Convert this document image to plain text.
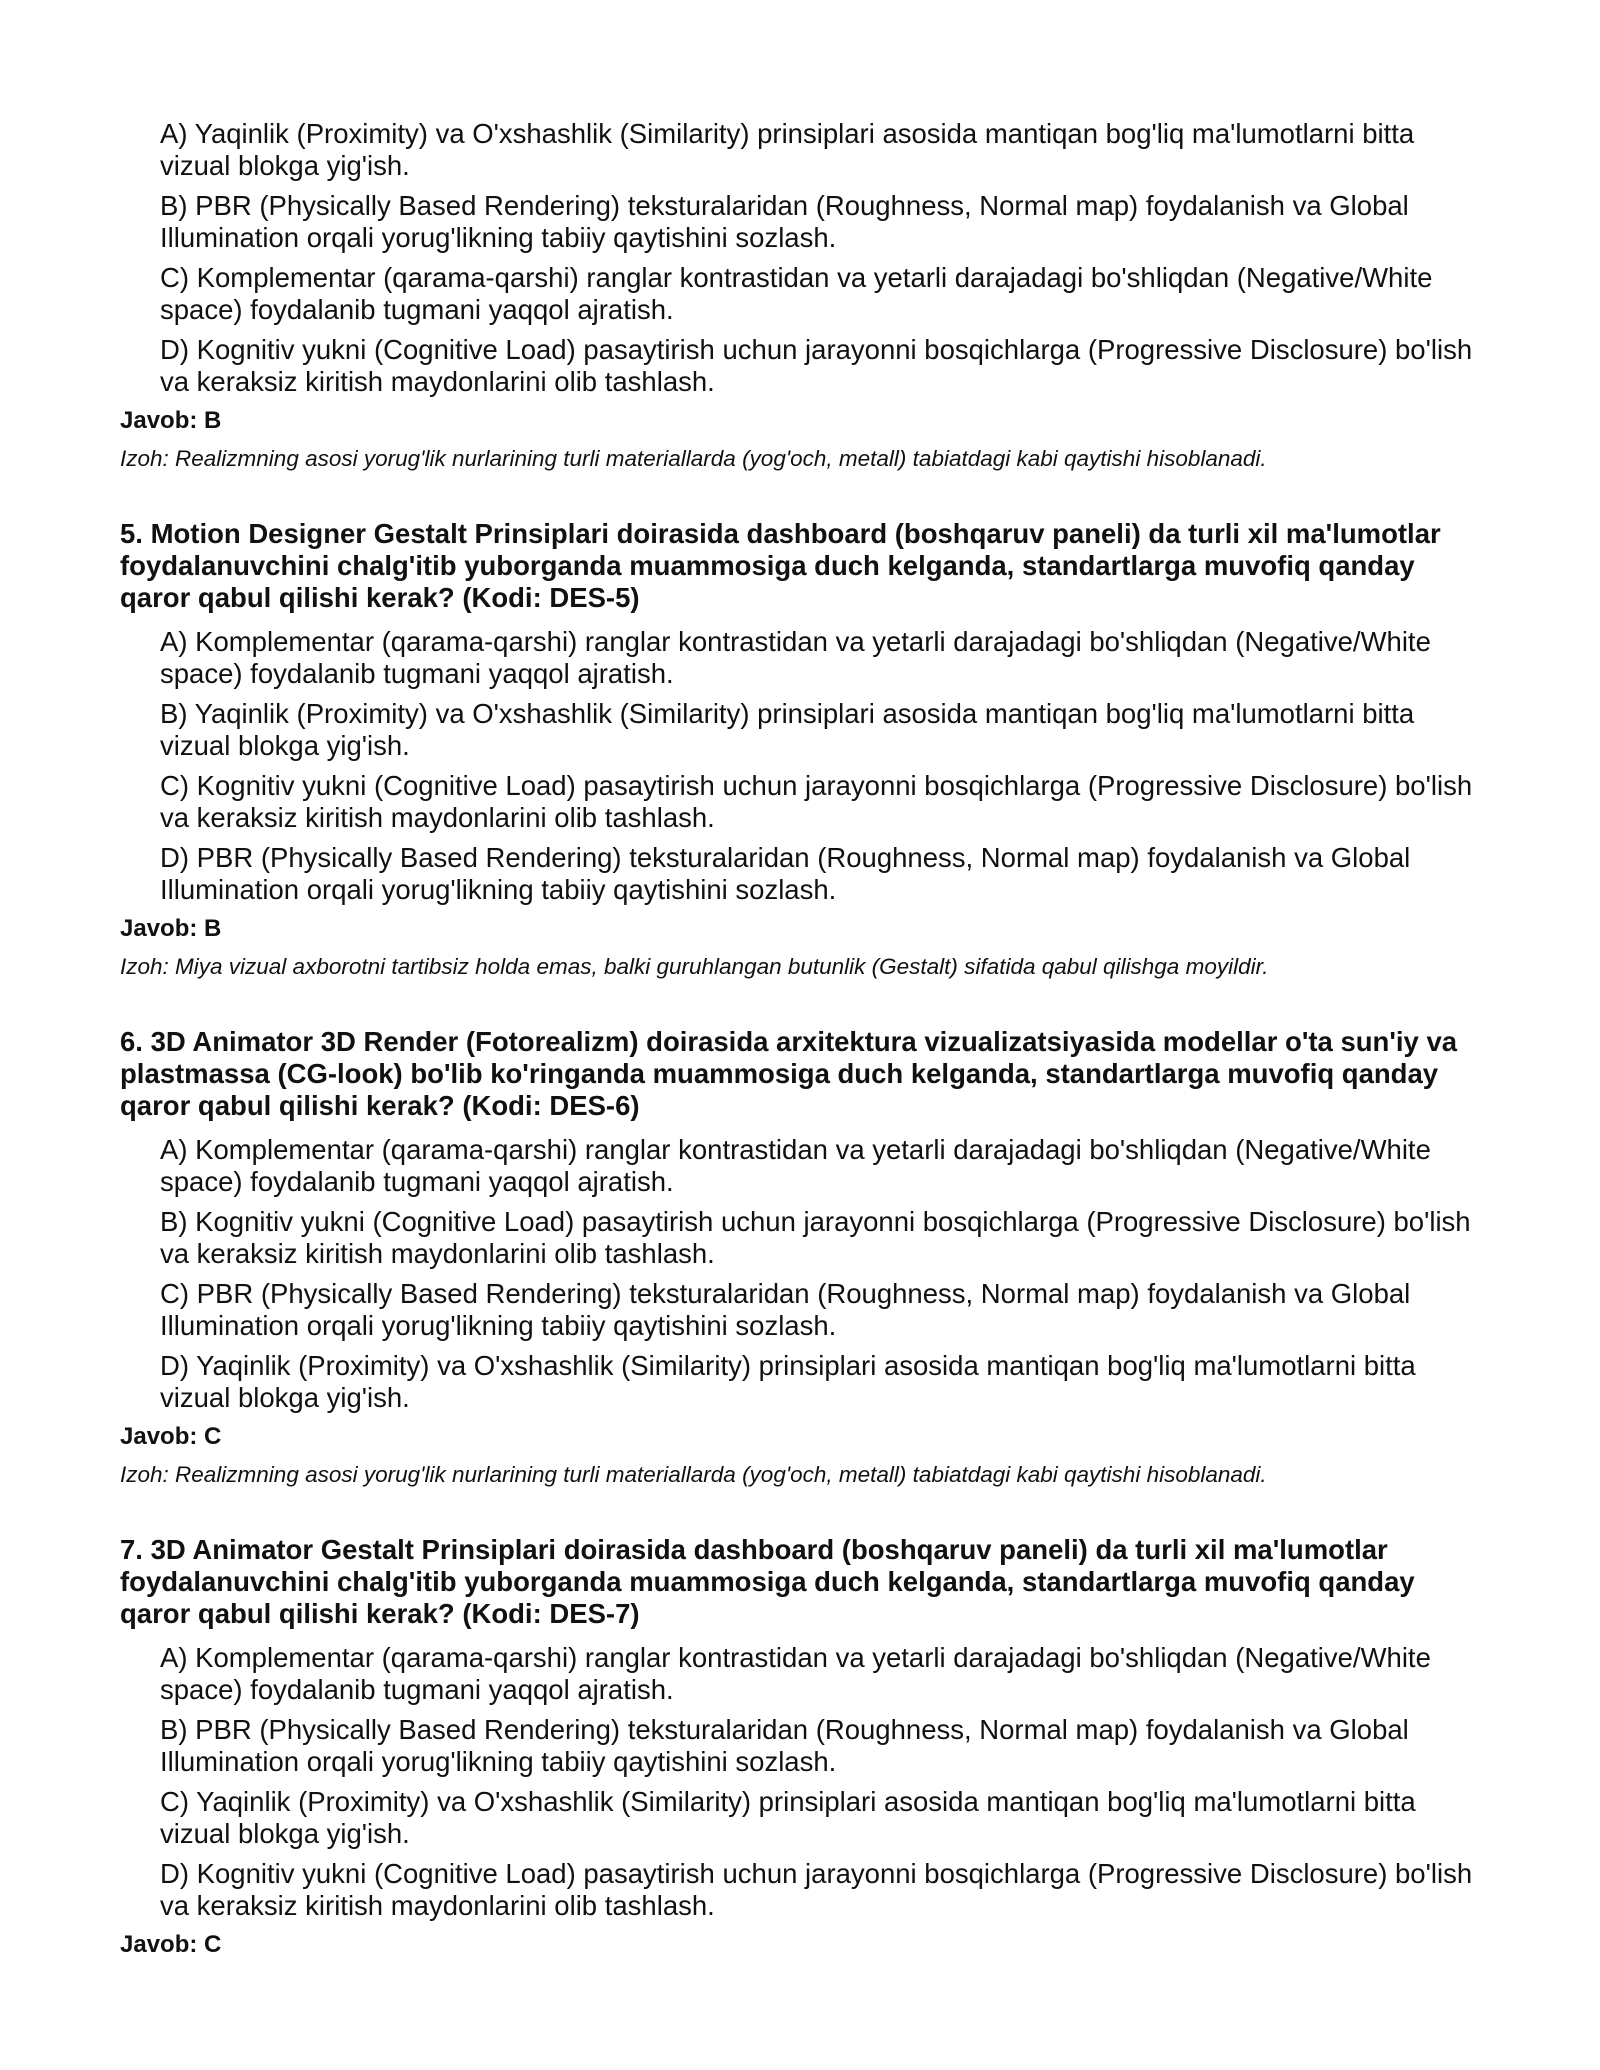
A) Yaqinlik (Proximity) va O'xshashlik (Similarity) prinsiplari asosida mantiqan bog'liq ma'lumotlarni bitta vizual blokga yig'ish.

B) PBR (Physically Based Rendering) teksturalaridan (Roughness, Normal map) foydalanish va Global Illumination orqali yorug'likning tabiiy qaytishini sozlash.

C) Komplementar (qarama-qarshi) ranglar kontrastidan va yetarli darajadagi bo'shliqdan (Negative/White space) foydalanib tugmani yaqqol ajratish.

D) Kognitiv yukni (Cognitive Load) pasaytirish uchun jarayonni bosqichlarga (Progressive Disclosure) bo'lish va keraksiz kiritish maydonlarini olib tashlash.

Javob: B

Izoh: Realizmning asosi yorug'lik nurlarining turli materiallarda (yog'och, metall) tabiatdagi kabi qaytishi hisoblanadi.

5. Motion Designer Gestalt Prinsiplari doirasida dashboard (boshqaruv paneli) da turli xil ma'lumotlar foydalanuvchini chalg'itib yuborganda muammosiga duch kelganda, standartlarga muvofiq qanday qaror qabul qilishi kerak? (Kodi: DES-5)

A) Komplementar (qarama-qarshi) ranglar kontrastidan va yetarli darajadagi bo'shliqdan (Negative/White space) foydalanib tugmani yaqqol ajratish.

B) Yaqinlik (Proximity) va O'xshashlik (Similarity) prinsiplari asosida mantiqan bog'liq ma'lumotlarni bitta vizual blokga yig'ish.

C) Kognitiv yukni (Cognitive Load) pasaytirish uchun jarayonni bosqichlarga (Progressive Disclosure) bo'lish va keraksiz kiritish maydonlarini olib tashlash.

D) PBR (Physically Based Rendering) teksturalaridan (Roughness, Normal map) foydalanish va Global Illumination orqali yorug'likning tabiiy qaytishini sozlash.

Javob: B

Izoh: Miya vizual axborotni tartibsiz holda emas, balki guruhlangan butunlik (Gestalt) sifatida qabul qilishga moyildir.

6. 3D Animator 3D Render (Fotorealizm) doirasida arxitektura vizualizatsiyasida modellar o'ta sun'iy va plastmassa (CG-look) bo'lib ko'ringanda muammosiga duch kelganda, standartlarga muvofiq qanday qaror qabul qilishi kerak? (Kodi: DES-6)

A) Komplementar (qarama-qarshi) ranglar kontrastidan va yetarli darajadagi bo'shliqdan (Negative/White space) foydalanib tugmani yaqqol ajratish.

B) Kognitiv yukni (Cognitive Load) pasaytirish uchun jarayonni bosqichlarga (Progressive Disclosure) bo'lish va keraksiz kiritish maydonlarini olib tashlash.

C) PBR (Physically Based Rendering) teksturalaridan (Roughness, Normal map) foydalanish va Global Illumination orqali yorug'likning tabiiy qaytishini sozlash.

D) Yaqinlik (Proximity) va O'xshashlik (Similarity) prinsiplari asosida mantiqan bog'liq ma'lumotlarni bitta vizual blokga yig'ish.

Javob: C

Izoh: Realizmning asosi yorug'lik nurlarining turli materiallarda (yog'och, metall) tabiatdagi kabi qaytishi hisoblanadi.

7. 3D Animator Gestalt Prinsiplari doirasida dashboard (boshqaruv paneli) da turli xil ma'lumotlar foydalanuvchini chalg'itib yuborganda muammosiga duch kelganda, standartlarga muvofiq qanday qaror qabul qilishi kerak? (Kodi: DES-7)

A) Komplementar (qarama-qarshi) ranglar kontrastidan va yetarli darajadagi bo'shliqdan (Negative/White space) foydalanib tugmani yaqqol ajratish.

B) PBR (Physically Based Rendering) teksturalaridan (Roughness, Normal map) foydalanish va Global Illumination orqali yorug'likning tabiiy qaytishini sozlash.

C) Yaqinlik (Proximity) va O'xshashlik (Similarity) prinsiplari asosida mantiqan bog'liq ma'lumotlarni bitta vizual blokga yig'ish.

D) Kognitiv yukni (Cognitive Load) pasaytirish uchun jarayonni bosqichlarga (Progressive Disclosure) bo'lish va keraksiz kiritish maydonlarini olib tashlash.

Javob: C
